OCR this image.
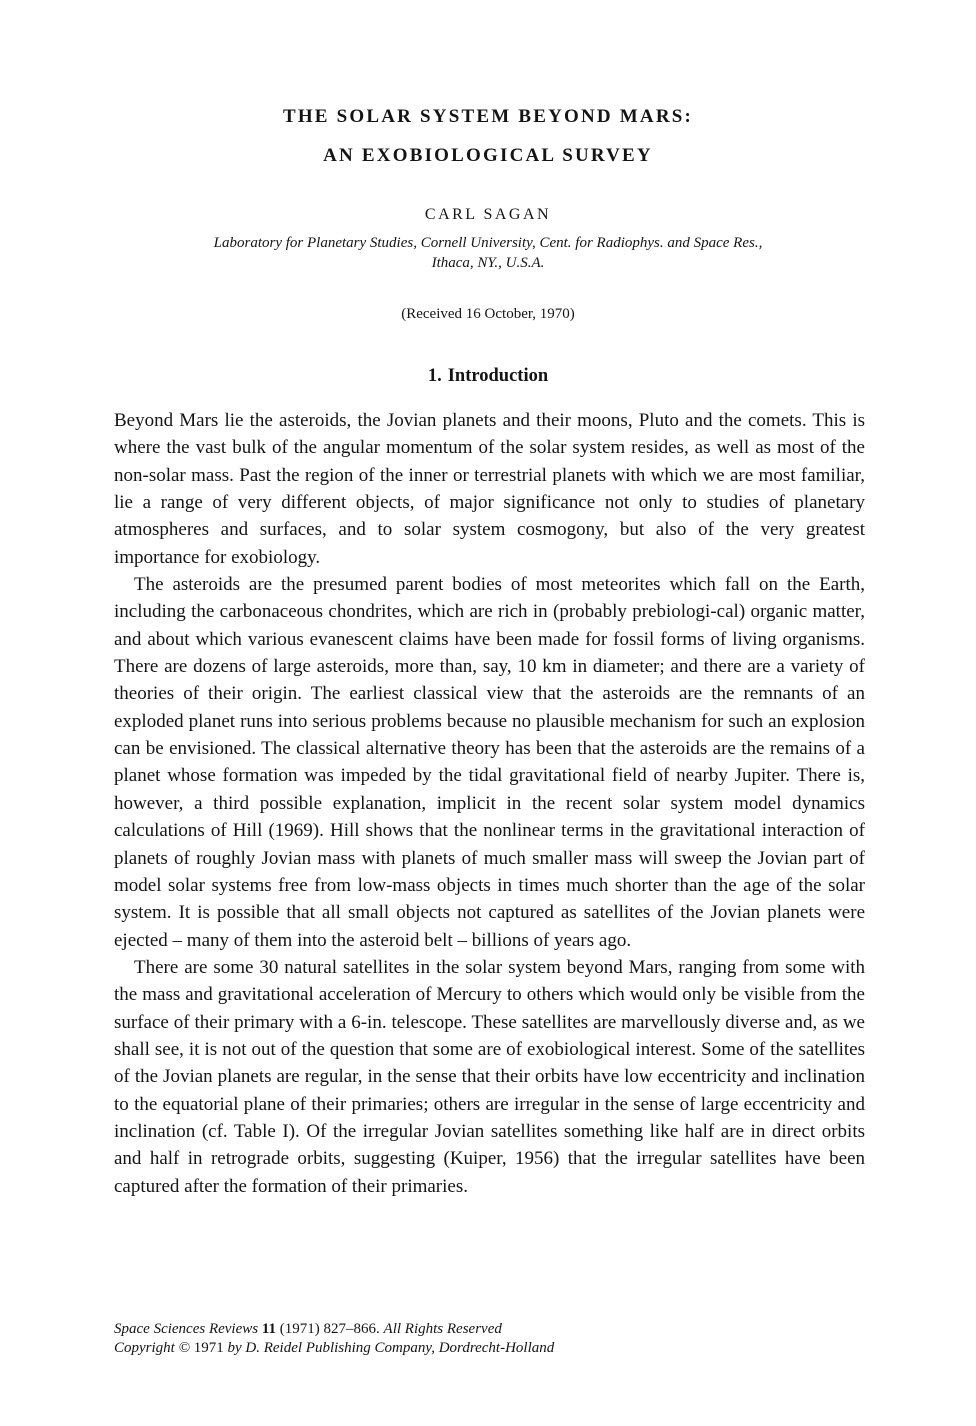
THE SOLAR SYSTEM BEYOND MARS:
AN EXOBIOLOGICAL SURVEY
CARL SAGAN
Laboratory for Planetary Studies, Cornell University, Cent. for Radiophys. and Space Res.,
Ithaca, NY., U.S.A.
(Received 16 October, 1970)
1. Introduction

Beyond Mars lie the asteroids, the Jovian planets and their moons, Pluto and the comets. This is where the vast bulk of the angular momentum of the solar system resides, as well as most of the non-solar mass. Past the region of the inner or terrestrial planets with which we are most familiar, lie a range of very different objects, of major significance not only to studies of planetary atmospheres and surfaces, and to solar system cosmogony, but also of the very greatest importance for exobiology.

The asteroids are the presumed parent bodies of most meteorites which fall on the Earth, including the carbonaceous chondrites, which are rich in (probably prebiologi-cal) organic matter, and about which various evanescent claims have been made for fossil forms of living organisms. There are dozens of large asteroids, more than, say, 10 km in diameter; and there are a variety of theories of their origin. The earliest classical view that the asteroids are the remnants of an exploded planet runs into serious problems because no plausible mechanism for such an explosion can be envisioned. The classical alternative theory has been that the asteroids are the remains of a planet whose formation was impeded by the tidal gravitational field of nearby Jupiter. There is, however, a third possible explanation, implicit in the recent solar system model dynamics calculations of Hill (1969). Hill shows that the nonlinear terms in the gravitational interaction of planets of roughly Jovian mass with planets of much smaller mass will sweep the Jovian part of model solar systems free from low-mass objects in times much shorter than the age of the solar system. It is possible that all small objects not captured as satellites of the Jovian planets were ejected – many of them into the asteroid belt – billions of years ago.

There are some 30 natural satellites in the solar system beyond Mars, ranging from some with the mass and gravitational acceleration of Mercury to others which would only be visible from the surface of their primary with a 6-in. telescope. These satellites are marvellously diverse and, as we shall see, it is not out of the question that some are of exobiological interest. Some of the satellites of the Jovian planets are regular, in the sense that their orbits have low eccentricity and inclination to the equatorial plane of their primaries; others are irregular in the sense of large eccentricity and inclination (cf. Table I). Of the irregular Jovian satellites something like half are in direct orbits and half in retrograde orbits, suggesting (Kuiper, 1956) that the irregular satellites have been captured after the formation of their primaries.

Space Sciences Reviews 11 (1971) 827–866. All Rights Reserved
Copyright © 1971 by D. Reidel Publishing Company, Dordrecht-Holland
